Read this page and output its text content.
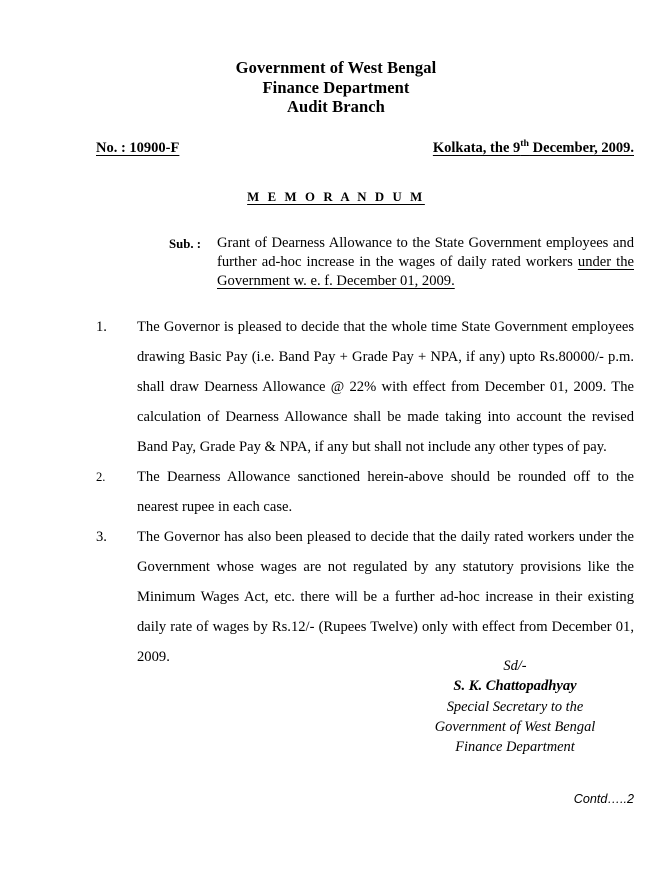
Government of West Bengal
Finance Department
Audit Branch
No. : 10900-F	Kolkata, the 9th December, 2009.
M E M O R A N D U M
Sub. :	Grant of Dearness Allowance to the State Government employees and further ad-hoc increase in the wages of daily rated workers under the Government w. e. f. December 01, 2009.
1.	The Governor is pleased to decide that the whole time State Government employees drawing Basic Pay (i.e. Band Pay + Grade Pay + NPA, if any) upto Rs.80000/- p.m. shall draw Dearness Allowance @ 22% with effect from December 01, 2009. The calculation of Dearness Allowance shall be made taking into account the revised Band Pay, Grade Pay & NPA, if any but shall not include any other types of pay.
2.	The Dearness Allowance sanctioned herein-above should be rounded off to the nearest rupee in each case.
3.	The Governor has also been pleased to decide that the daily rated workers under the Government whose wages are not regulated by any statutory provisions like the Minimum Wages Act, etc. there will be a further ad-hoc increase in their existing daily rate of wages by Rs.12/- (Rupees Twelve) only with effect from December 01, 2009.
Sd/-
S. K. Chattopadhyay
Special Secretary to the
Government of West Bengal
Finance Department
Contd…..2
